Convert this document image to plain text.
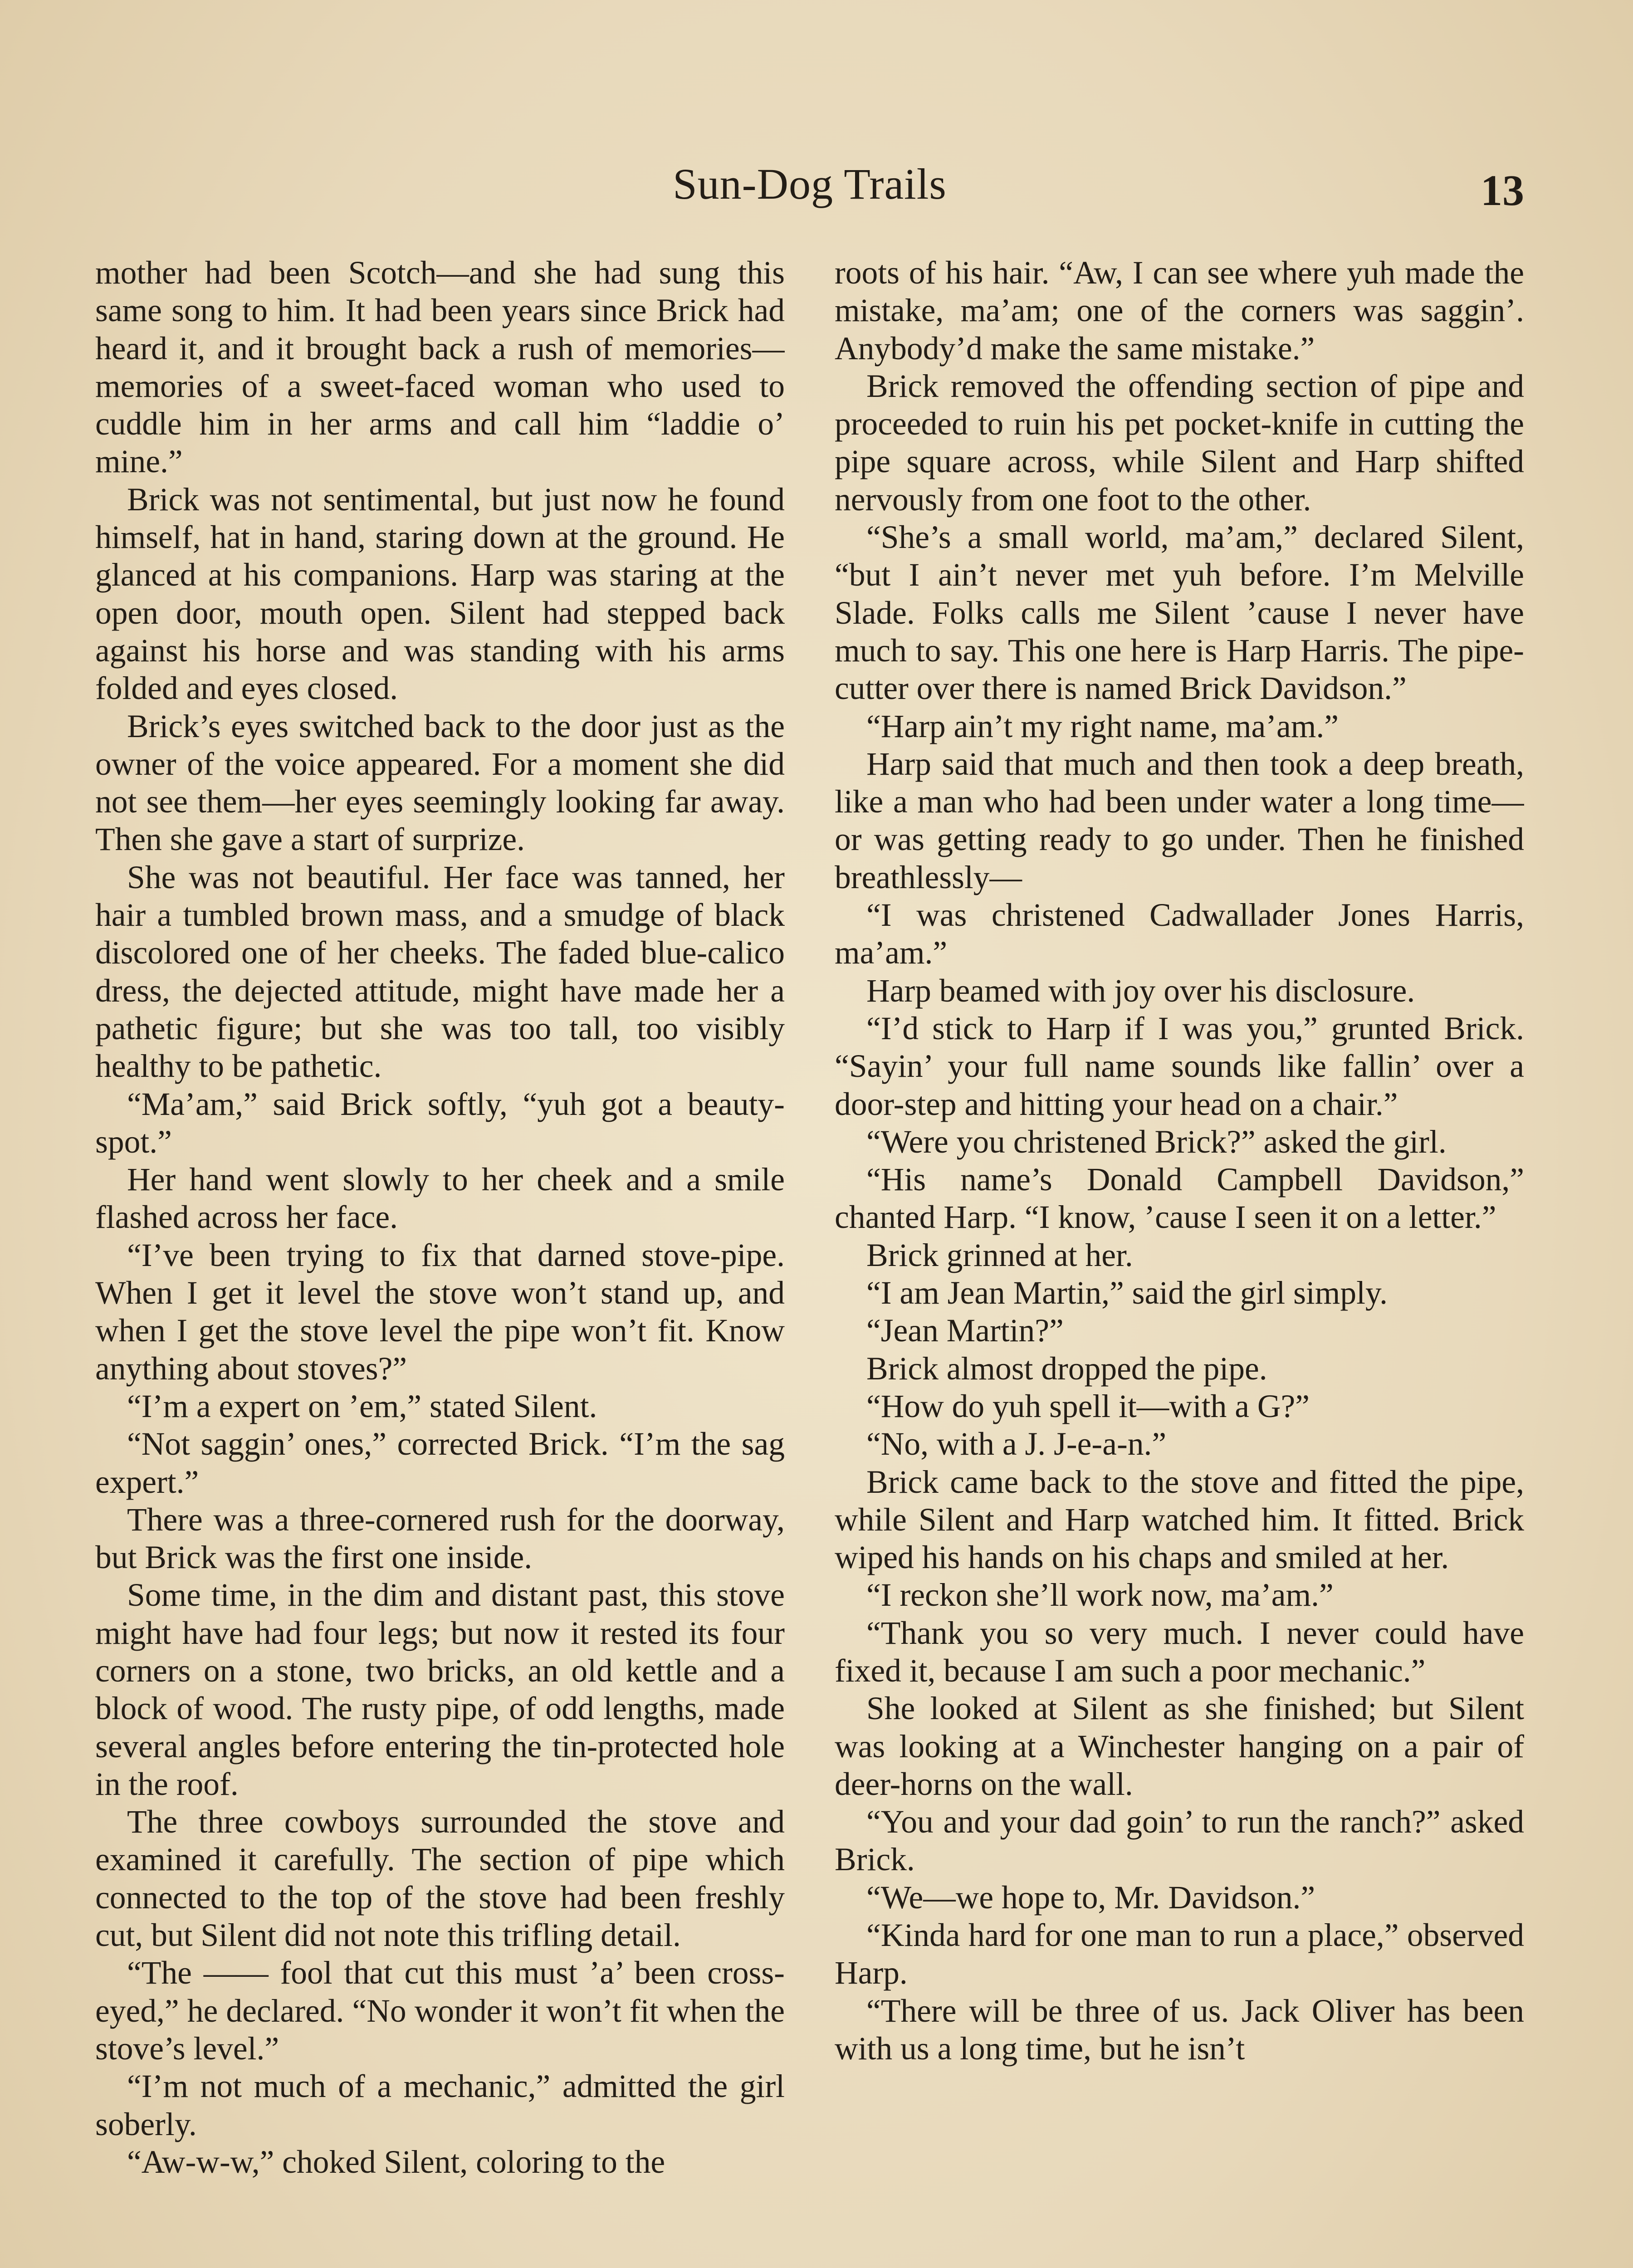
Sun-Dog Trails	13

mother had been Scotch—and she had sung this same song to him. It had been years since Brick had heard it, and it brought back a rush of memories—memories of a sweet-faced woman who used to cuddle him in her arms and call him “laddie o’ mine.”

Brick was not sentimental, but just now he found himself, hat in hand, staring down at the ground. He glanced at his companions. Harp was staring at the open door, mouth open. Silent had stepped back against his horse and was standing with his arms folded and eyes closed.

Brick’s eyes switched back to the door just as the owner of the voice appeared. For a moment she did not see them—her eyes seemingly looking far away. Then she gave a start of surprize.

She was not beautiful. Her face was tanned, her hair a tumbled brown mass, and a smudge of black discolored one of her cheeks. The faded blue-calico dress, the dejected attitude, might have made her a pathetic figure; but she was too tall, too visibly healthy to be pathetic.

“Ma’am,” said Brick softly, “yuh got a beauty-spot.”

Her hand went slowly to her cheek and a smile flashed across her face.

“I’ve been trying to fix that darned stove-pipe. When I get it level the stove won’t stand up, and when I get the stove level the pipe won’t fit. Know anything about stoves?”

“I’m a expert on ’em,” stated Silent.

“Not saggin’ ones,” corrected Brick. “I’m the sag expert.”

There was a three-cornered rush for the doorway, but Brick was the first one inside.

Some time, in the dim and distant past, this stove might have had four legs; but now it rested its four corners on a stone, two bricks, an old kettle and a block of wood. The rusty pipe, of odd lengths, made several angles before entering the tin-protected hole in the roof.

The three cowboys surrounded the stove and examined it carefully. The section of pipe which connected to the top of the stove had been freshly cut, but Silent did not note this trifling detail.

“The —— fool that cut this must ’a’ been cross-eyed,” he declared. “No wonder it won’t fit when the stove’s level.”

“I’m not much of a mechanic,” admitted the girl soberly.

“Aw-w-w,” choked Silent, coloring to the

roots of his hair. “Aw, I can see where yuh made the mistake, ma’am; one of the corners was saggin’. Anybody’d make the same mistake.”

Brick removed the offending section of pipe and proceeded to ruin his pet pocket-knife in cutting the pipe square across, while Silent and Harp shifted nervously from one foot to the other.

“She’s a small world, ma’am,” declared Silent, “but I ain’t never met yuh before. I’m Melville Slade. Folks calls me Silent ’cause I never have much to say. This one here is Harp Harris. The pipe-cutter over there is named Brick Davidson.”

“Harp ain’t my right name, ma’am.”

Harp said that much and then took a deep breath, like a man who had been under water a long time—or was getting ready to go under. Then he finished breathlessly—

“I was christened Cadwallader Jones Harris, ma’am.”

Harp beamed with joy over his disclosure.

“I’d stick to Harp if I was you,” grunted Brick. “Sayin’ your full name sounds like fallin’ over a door-step and hitting your head on a chair.”

“Were you christened Brick?” asked the girl.

“His name’s Donald Campbell Davidson,” chanted Harp. “I know, ’cause I seen it on a letter.”

Brick grinned at her.

“I am Jean Martin,” said the girl simply.

“Jean Martin?”

Brick almost dropped the pipe.

“How do yuh spell it—with a G?”

“No, with a J. J-e-a-n.”

Brick came back to the stove and fitted the pipe, while Silent and Harp watched him. It fitted. Brick wiped his hands on his chaps and smiled at her.

“I reckon she’ll work now, ma’am.”

“Thank you so very much. I never could have fixed it, because I am such a poor mechanic.”

She looked at Silent as she finished; but Silent was looking at a Winchester hanging on a pair of deer-horns on the wall.

“You and your dad goin’ to run the ranch?” asked Brick.

“We—we hope to, Mr. Davidson.”

“Kinda hard for one man to run a place,” observed Harp.

“There will be three of us. Jack Oliver has been with us a long time, but he isn’t
